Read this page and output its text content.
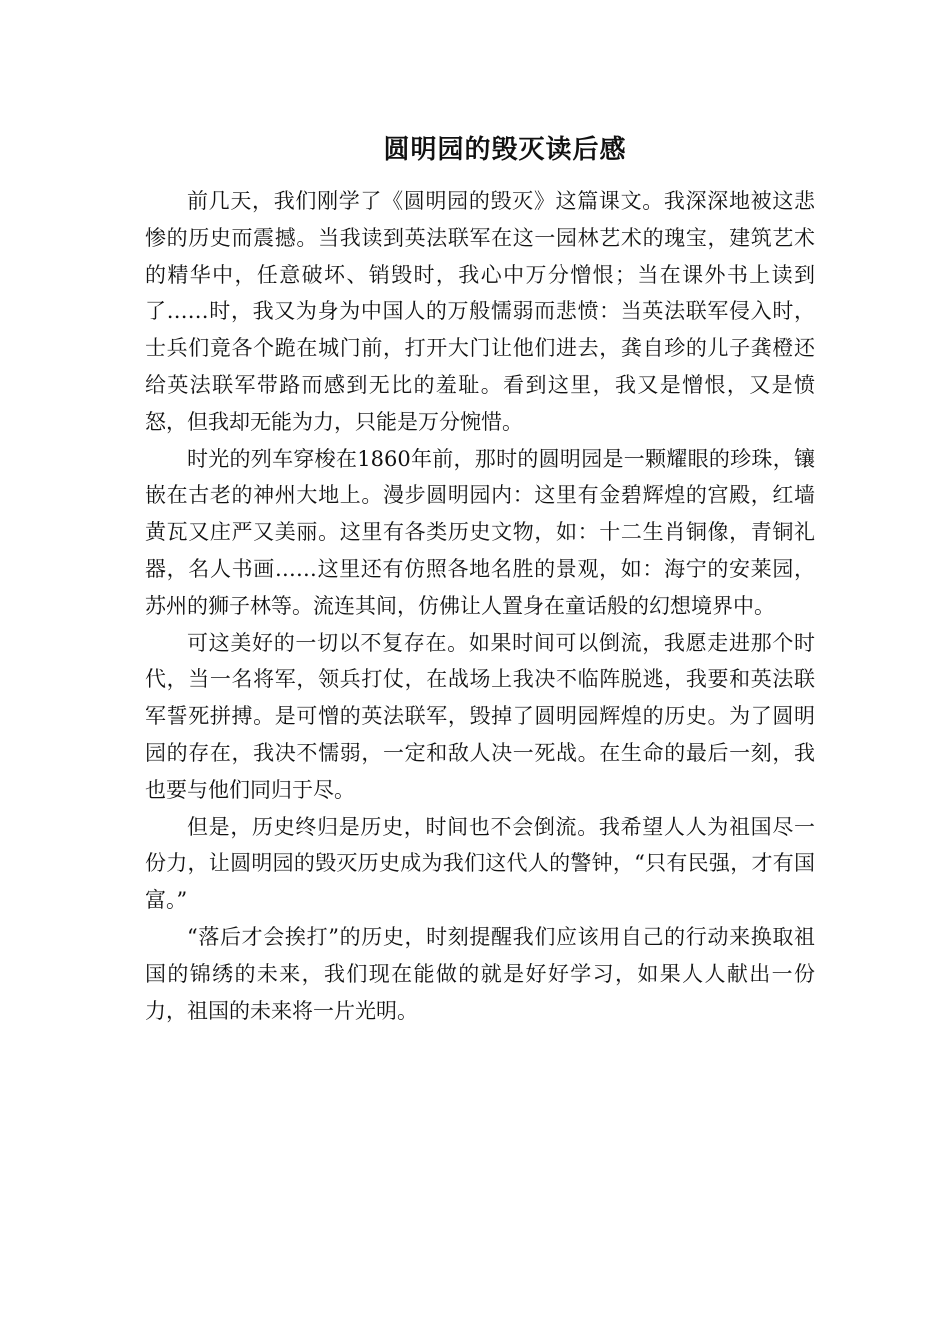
圆明园的毁灭读后感

前几天，我们刚学了《圆明园的毁灭》这篇课文。我深深地被这悲惨的历史而震撼。当我读到英法联军在这一园林艺术的瑰宝，建筑艺术的精华中，任意破坏、销毁时，我心中万分憎恨；当在课外书上读到了……时，我又为身为中国人的万般懦弱而悲愤：当英法联军侵入时，士兵们竟各个跪在城门前，打开大门让他们进去，龚自珍的儿子龚橙还给英法联军带路而感到无比的羞耻。看到这里，我又是憎恨，又是愤怒，但我却无能为力，只能是万分惋惜。

时光的列车穿梭在1860年前，那时的圆明园是一颗耀眼的珍珠，镶嵌在古老的神州大地上。漫步圆明园内：这里有金碧辉煌的宫殿，红墙黄瓦又庄严又美丽。这里有各类历史文物，如：十二生肖铜像，青铜礼器，名人书画……这里还有仿照各地名胜的景观，如：海宁的安莱园，苏州的狮子林等。流连其间，仿佛让人置身在童话般的幻想境界中。

可这美好的一切以不复存在。如果时间可以倒流，我愿走进那个时代，当一名将军，领兵打仗，在战场上我决不临阵脱逃，我要和英法联军誓死拼搏。是可憎的英法联军，毁掉了圆明园辉煌的历史。为了圆明园的存在，我决不懦弱，一定和敌人决一死战。在生命的最后一刻，我也要与他们同归于尽。

但是，历史终归是历史，时间也不会倒流。我希望人人为祖国尽一份力，让圆明园的毁灭历史成为我们这代人的警钟，“只有民强，才有国富。”

“落后才会挨打”的历史，时刻提醒我们应该用自己的行动来换取祖国的锦绣的未来，我们现在能做的就是好好学习，如果人人献出一份力，祖国的未来将一片光明。
